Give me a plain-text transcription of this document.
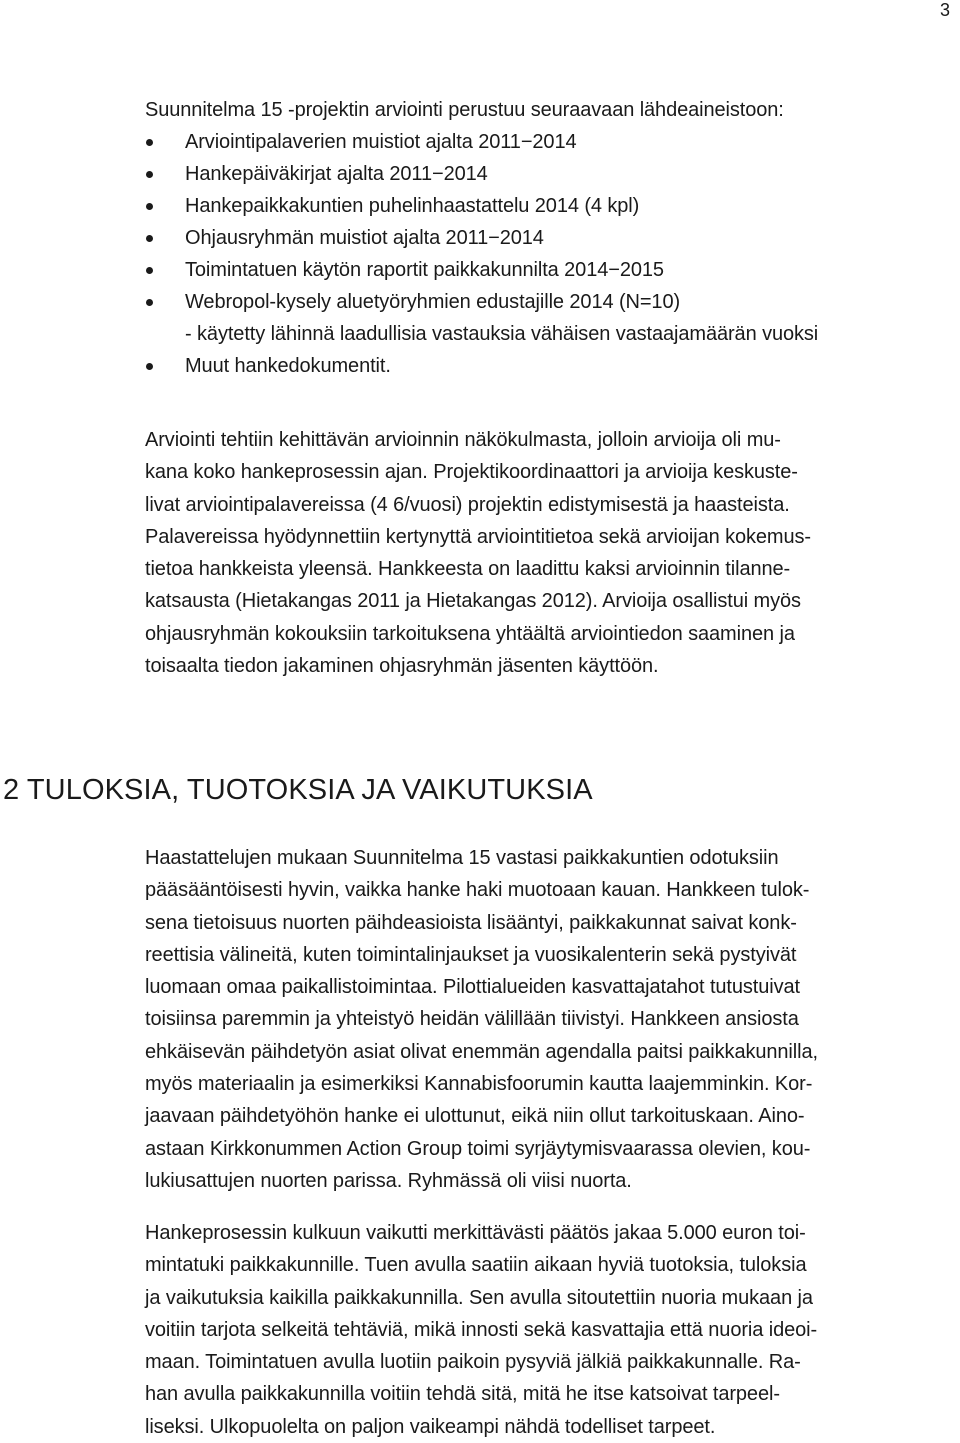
3
Suunnitelma 15 -projektin arviointi perustuu seuraavaan lähdeaineistoon:
Arviointipalaverien muistiot ajalta 2011−2014
Hankepäiväkirjat ajalta 2011−2014
Hankepaikkakuntien puhelinhaastattelu 2014 (4 kpl)
Ohjausryhmän muistiot ajalta 2011−2014
Toimintatuen käytön raportit paikkakunnilta 2014−2015
Webropol-kysely aluetyöryhmien edustajille 2014 (N=10)
- käytetty lähinnä laadullisia vastauksia vähäisen vastaajamäärän vuoksi
Muut hankedokumentit.
Arviointi tehtiin kehittävän arvioinnin näkökulmasta, jolloin arvioija oli mu-
kana koko hankeprosessin ajan. Projektikoordinaattori ja arvioija keskuste-
livat arviointipalavereissa (4 6/vuosi) projektin edistymisestä ja haasteista.
Palavereissa hyödynnettiin kertynyttä arviointitietoa sekä arvioijan kokemus-
tietoa hankkeista yleensä. Hankkeesta on laadittu kaksi arvioinnin tilanne-
katsausta (Hietakangas 2011 ja Hietakangas 2012). Arvioija osallistui myös
ohjausryhmän kokouksiin tarkoituksena yhtäältä arviointiedon saaminen ja
toisaalta tiedon jakaminen ohjasryhmän jäsenten käyttöön.
2 TULOKSIA, TUOTOKSIA JA VAIKUTUKSIA
Haastattelujen mukaan Suunnitelma 15 vastasi paikkakuntien odotuksiin
pääsääntöisesti hyvin, vaikka hanke haki muotoaan kauan. Hankkeen tulok-
sena tietoisuus nuorten päihdeasioista lisääntyi, paikkakunnat saivat konk-
reettisia välineitä, kuten toimintalinjaukset ja vuosikalenterin sekä pystyivät
luomaan omaa paikallistoimintaa. Pilottialueiden kasvattajatahot tutustuivat
toisiinsa paremmin ja yhteistyö heidän välillään tiivistyi. Hankkeen ansiosta
ehkäisevän päihdetyön asiat olivat enemmän agendalla paitsi paikkakunnilla,
myös materiaalin ja esimerkiksi Kannabisfoorumin kautta laajemminkin. Kor-
jaavaan päihdetyöhön hanke ei ulottunut, eikä niin ollut tarkoituskaan. Aino-
astaan Kirkkonummen Action Group toimi syrjäytymisvaarassa olevien, kou-
lukiusattujen nuorten parissa. Ryhmässä oli viisi nuorta.
Hankeprosessin kulkuun vaikutti merkittävästi päätös jakaa 5.000 euron toi-
mintatuki paikkakunnille. Tuen avulla saatiin aikaan hyviä tuotoksia, tuloksia
ja vaikutuksia kaikilla paikkakunnilla. Sen avulla sitoutettiin nuoria mukaan ja
voitiin tarjota selkeitä tehtäviä, mikä innosti sekä kasvattajia että nuoria ideoi-
maan. Toimintatuen avulla luotiin paikoin pysyviä jälkiä paikkakunnalle. Ra-
han avulla paikkakunnilla voitiin tehdä sitä, mitä he itse katsoivat tarpeel-
liseksi. Ulkopuolelta on paljon vaikeampi nähdä todelliset tarpeet.
